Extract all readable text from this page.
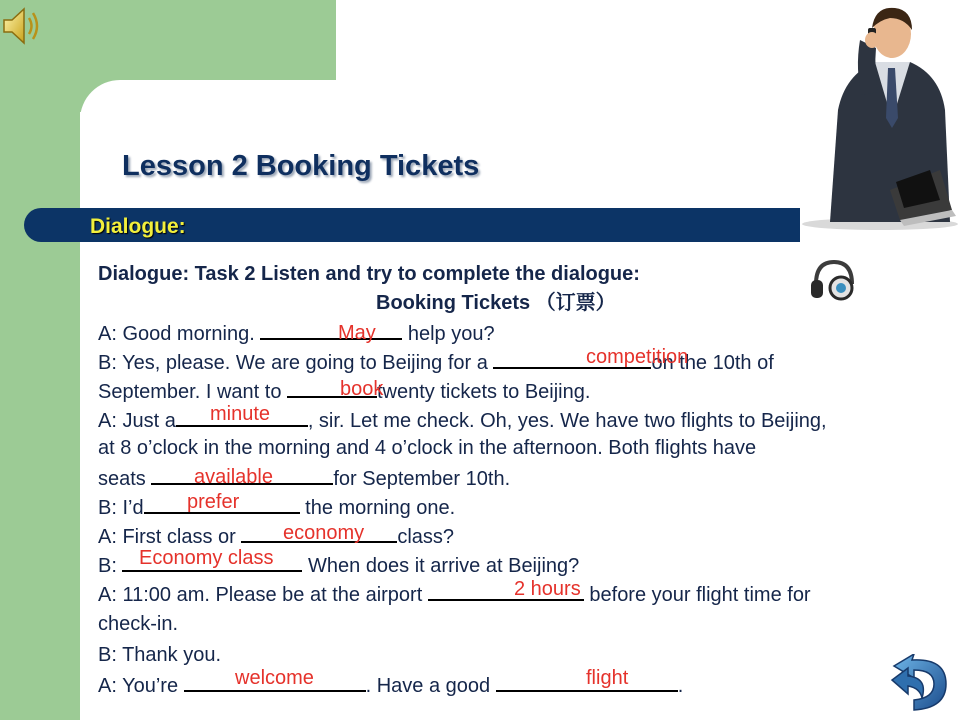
Lesson 2 Booking Tickets
Dialogue:
Dialogue: Task 2 Listen and try to complete the dialogue:
Booking Tickets （订票）
A: Good morning.	help you?
B: Yes, please. We are going to Beijing for a	on the 10th of
September. I want to	twenty tickets to Beijing.
A: Just a	, sir. Let me check. Oh, yes. We have two flights to Beijing,
at 8 o’clock in the morning and 4 o’clock in the afternoon. Both flights have
seats	for September 10th.
B: I’d	the morning one.
A: First class or	class?
B:	When does it arrive at Beijing?
A: 11:00 am. Please be at the airport	before your flight time for
check-in.
B: Thank you.
A: You’re	. Have a good	.
May
competition
book
minute
available
prefer
economy
Economy class
2 hours
welcome	flight
